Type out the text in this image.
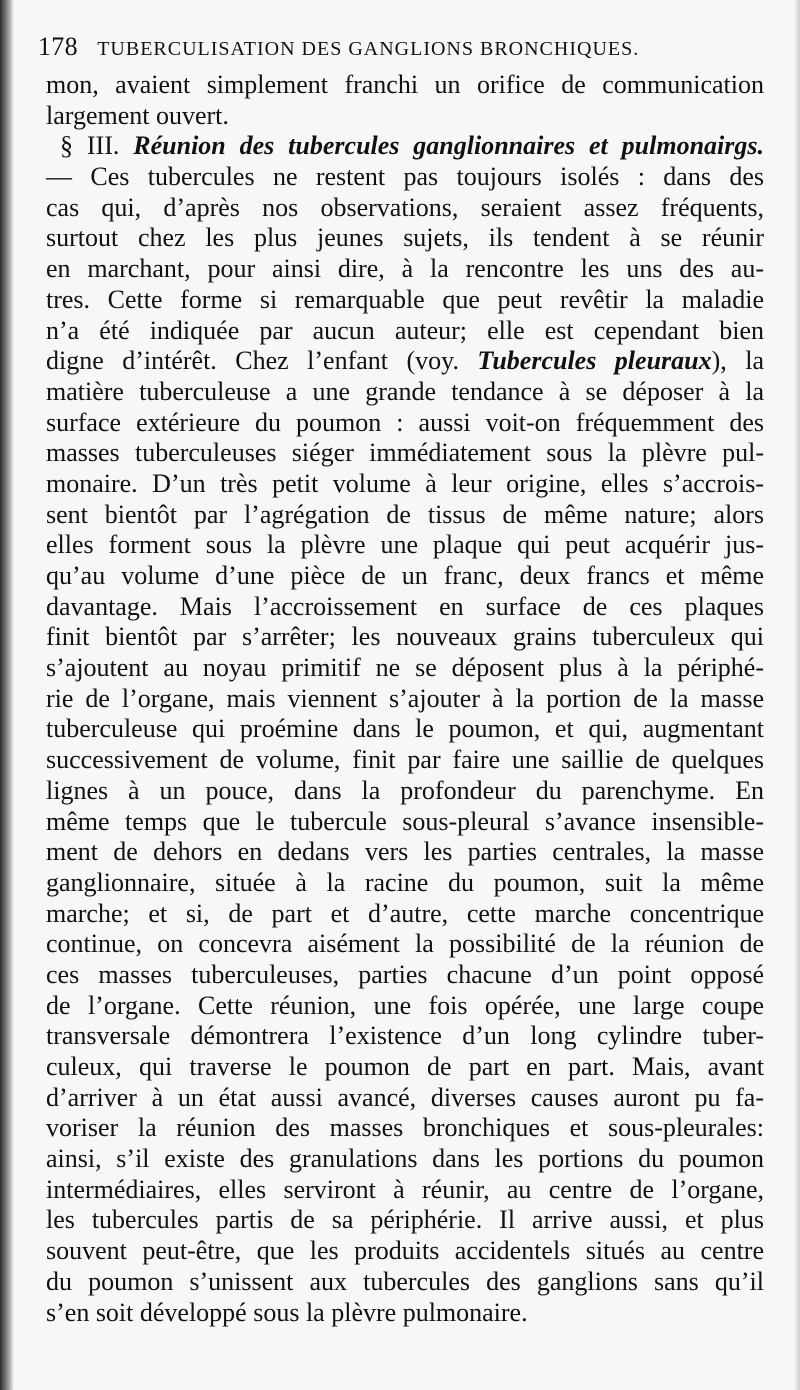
178 TUBERCULISATION DES GANGLIONS BRONCHIQUES.
mon, avaient simplement franchi un orifice de communication
largement ouvert.
§ III. Réunion des tubercules ganglionnaires et pulmonairgs.
— Ces tubercules ne restent pas toujours isolés : dans des
cas qui, d’après nos observations, seraient assez fréquents,
surtout chez les plus jeunes sujets, ils tendent à se réunir
en marchant, pour ainsi dire, à la rencontre les uns des au-
tres. Cette forme si remarquable que peut revêtir la maladie
n’a été indiquée par aucun auteur; elle est cependant bien
digne d’intérêt. Chez l’enfant (voy. Tubercules pleuraux), la
matière tuberculeuse a une grande tendance à se déposer à la
surface extérieure du poumon : aussi voit-on fréquemment des
masses tuberculeuses siéger immédiatement sous la plèvre pul-
monaire. D’un très petit volume à leur origine, elles s’accrois-
sent bientôt par l’agrégation de tissus de même nature; alors
elles forment sous la plèvre une plaque qui peut acquérir jus-
qu’au volume d’une pièce de un franc, deux francs et même
davantage. Mais l’accroissement en surface de ces plaques
finit bientôt par s’arrêter; les nouveaux grains tuberculeux qui
s’ajoutent au noyau primitif ne se déposent plus à la périphé-
rie de l’organe, mais viennent s’ajouter à la portion de la masse
tuberculeuse qui proémine dans le poumon, et qui, augmentant
successivement de volume, finit par faire une saillie de quelques
lignes à un pouce, dans la profondeur du parenchyme. En
même temps que le tubercule sous-pleural s’avance insensible-
ment de dehors en dedans vers les parties centrales, la masse
ganglionnaire, située à la racine du poumon, suit la même
marche; et si, de part et d’autre, cette marche concentrique
continue, on concevra aisément la possibilité de la réunion de
ces masses tuberculeuses, parties chacune d’un point opposé
de l’organe. Cette réunion, une fois opérée, une large coupe
transversale démontrera l’existence d’un long cylindre tuber-
culeux, qui traverse le poumon de part en part. Mais, avant
d’arriver à un état aussi avancé, diverses causes auront pu fa-
voriser la réunion des masses bronchiques et sous-pleurales:
ainsi, s’il existe des granulations dans les portions du poumon
intermédiaires, elles serviront à réunir, au centre de l’organe,
les tubercules partis de sa périphérie. Il arrive aussi, et plus
souvent peut-être, que les produits accidentels situés au centre
du poumon s’unissent aux tubercules des ganglions sans qu’il
s’en soit développé sous la plèvre pulmonaire.
